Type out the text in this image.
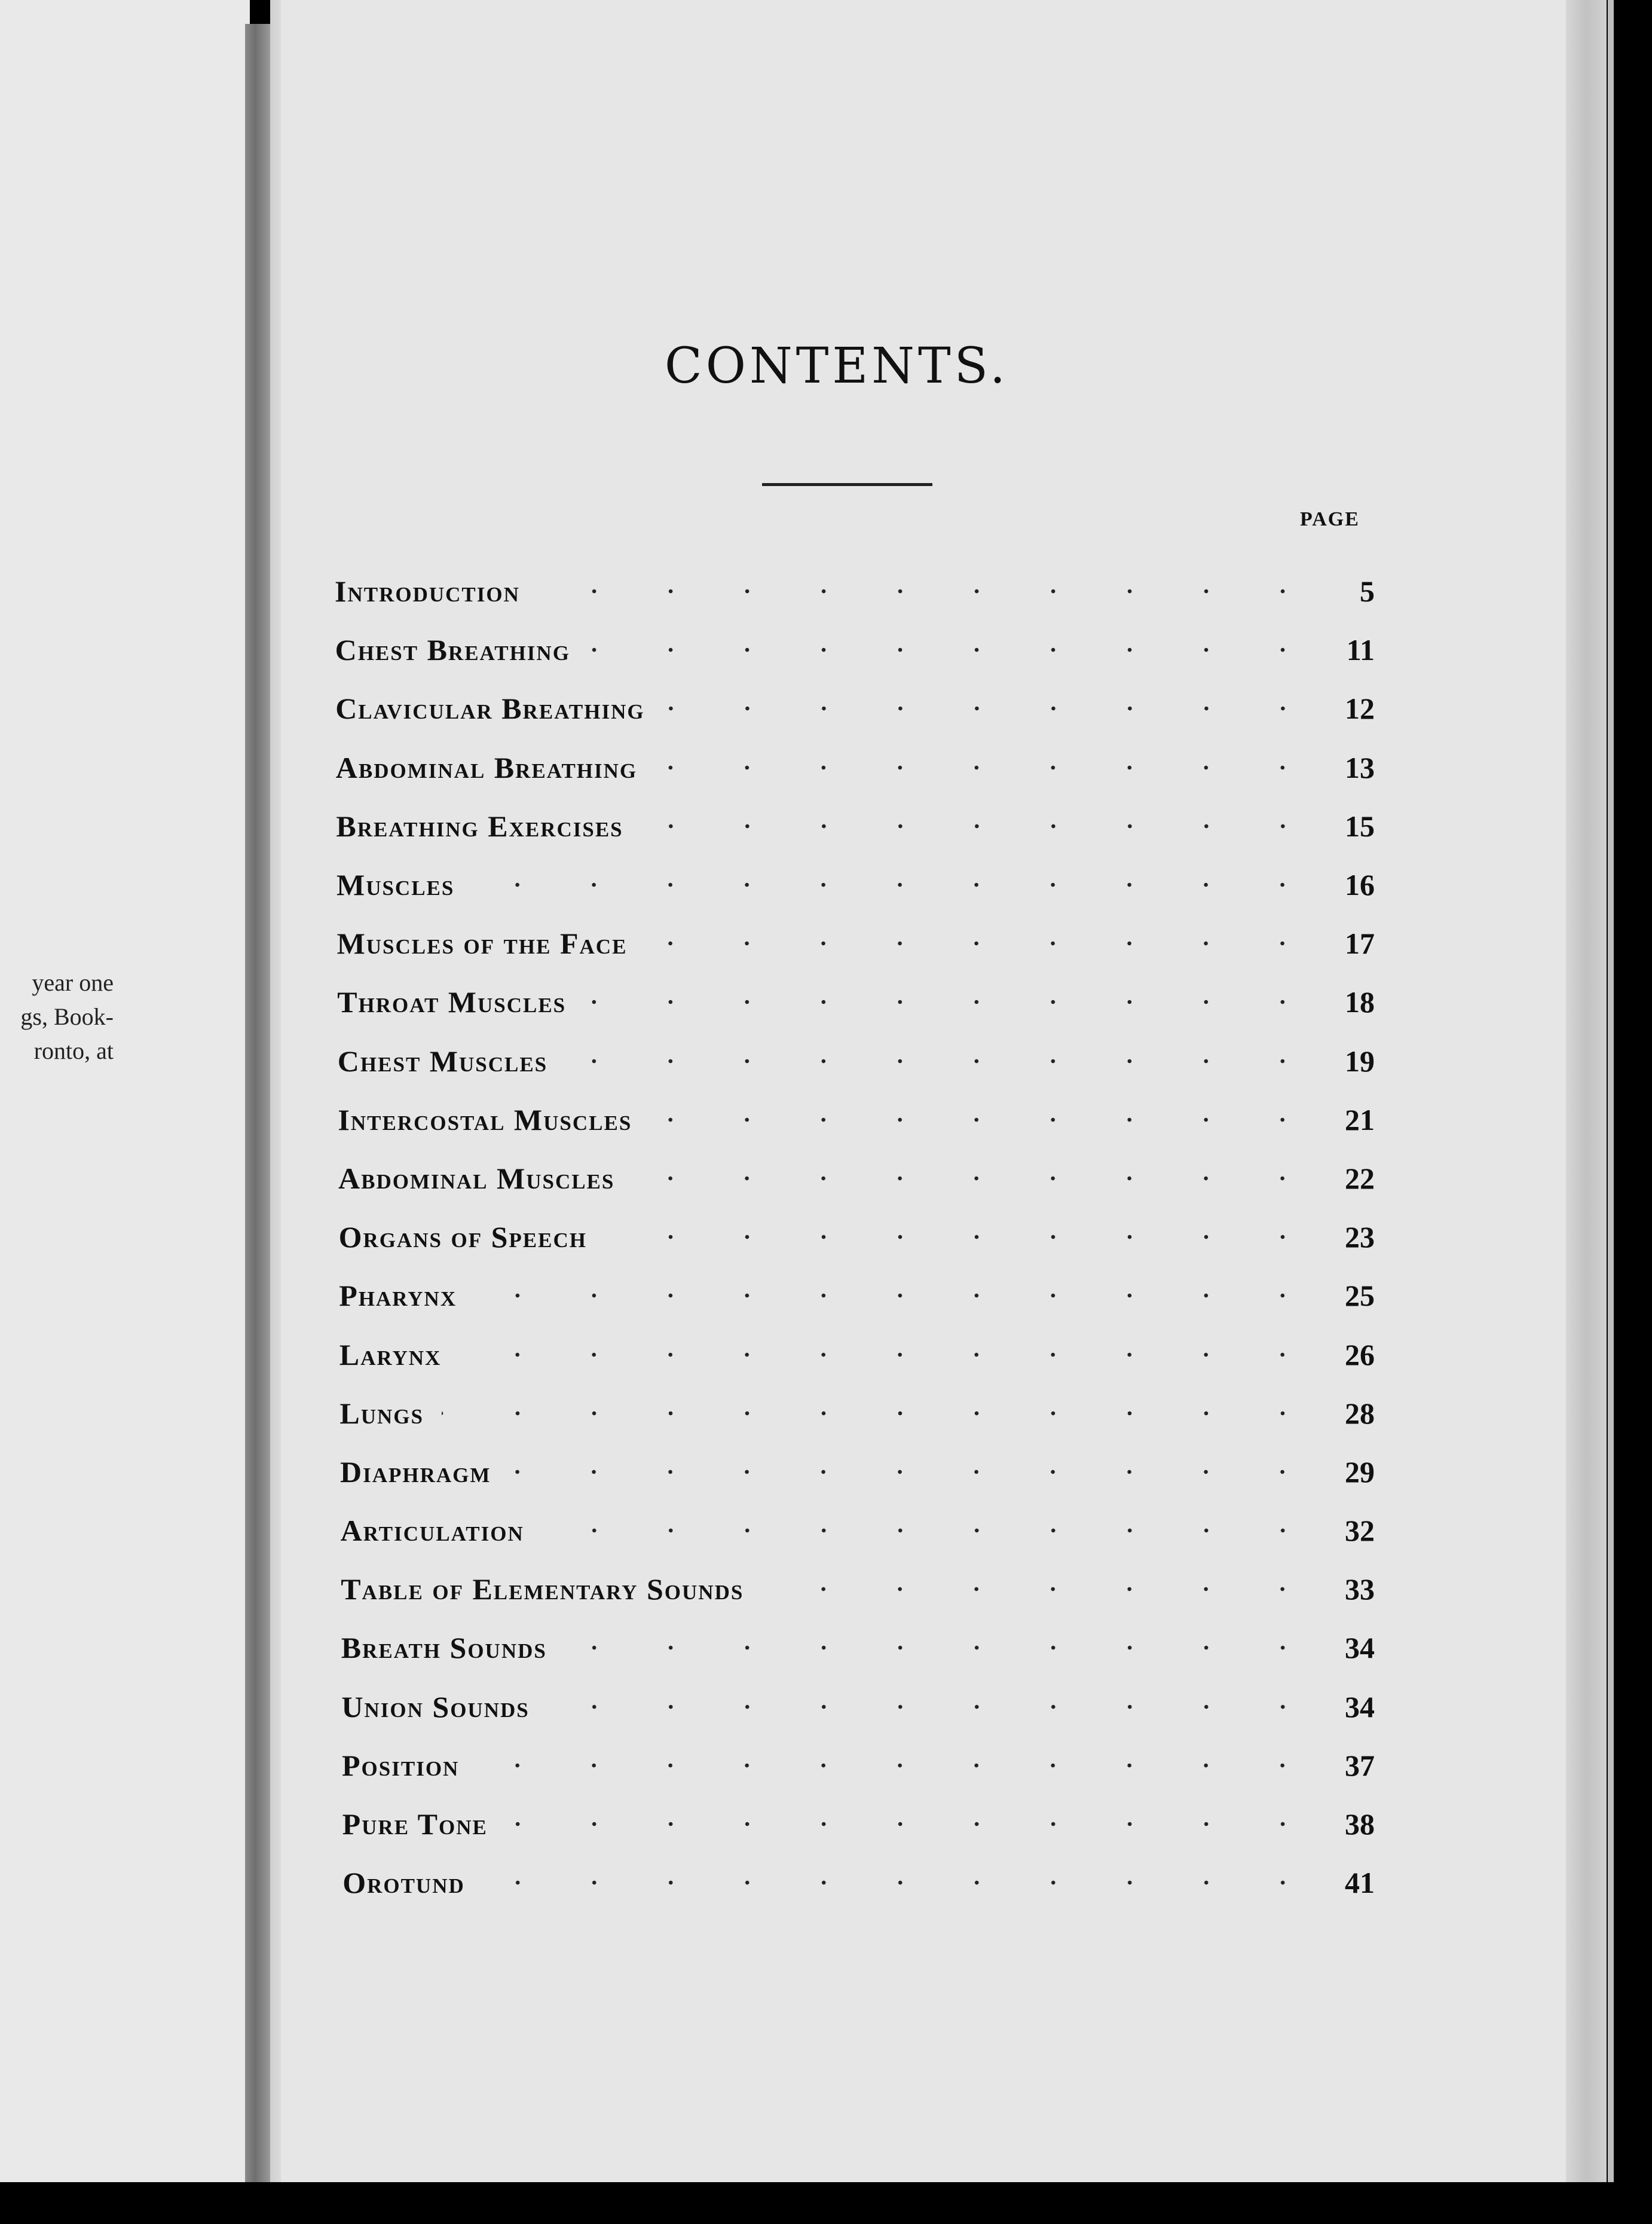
year one
gs, Book-
ronto, at
CONTENTS.
PAGE
Introduction	5
Chest Breathing	11
Clavicular Breathing	12
Abdominal Breathing	13
Breathing Exercises	15
Muscles	16
Muscles of the Face	17
Throat Muscles	18
Chest Muscles	19
Intercostal Muscles	21
Abdominal Muscles	22
Organs of Speech	23
Pharynx	25
Larynx	26
Lungs	28
Diaphragm	29
Articulation	32
Table of Elementary Sounds	33
Breath Sounds	34
Union Sounds	34
Position	37
Pure Tone	38
Orotund	41
